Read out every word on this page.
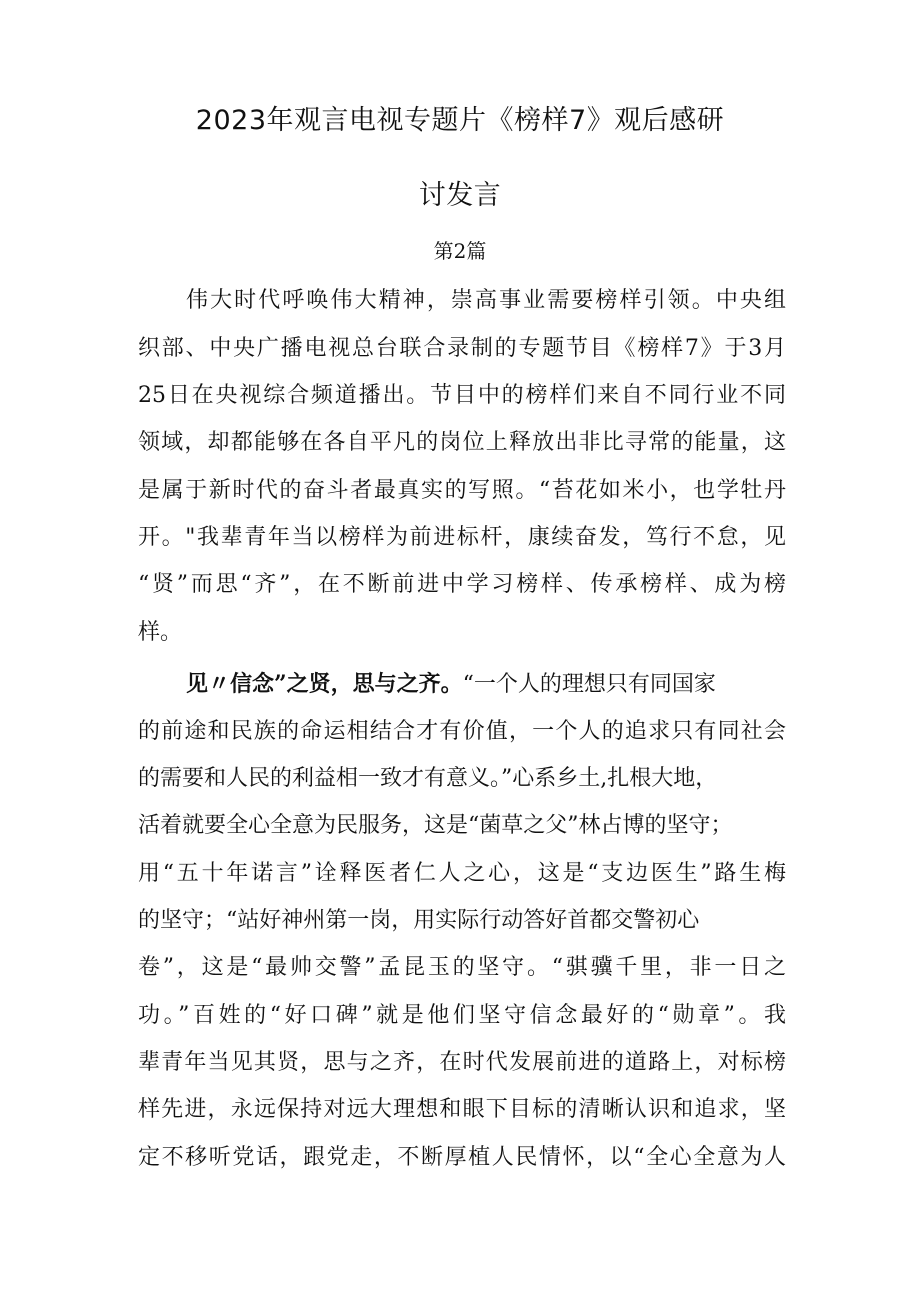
2023年观言电视专题片《榜样7》观后感研
讨发言
第2篇
伟大时代呼唤伟大精神，崇高事业需要榜样引领。中央组
织部、中央广播电视总台联合录制的专题节目《榜样7》于3月
25日在央视综合频道播出。节目中的榜样们来自不同行业不同
领域，却都能够在各自平凡的岗位上释放出非比寻常的能量，这
是属于新时代的奋斗者最真实的写照。“苔花如米小，也学牡丹
开。"我辈青年当以榜样为前进标杆，康续奋发，笃行不怠，见
“贤”而思“齐”，在不断前进中学习榜样、传承榜样、成为榜
样。
见〃信念”之贤，思与之齐。“一个人的理想只有同国家
的前途和民族的命运相结合才有价值，一个人的追求只有同社会
的需要和人民的利益相一致才有意义。”心系乡土,扎根大地，
活着就要全心全意为民服务，这是“菌草之父”林占博的坚守；
用“五十年诺言”诠释医者仁人之心，这是“支边医生”路生梅
的坚守；“站好神州第一岗，用实际行动答好首都交警初心
卷”，这是“最帅交警”孟昆玉的坚守。“骐骥千里，非一日之
功。”百姓的“好口碑”就是他们坚守信念最好的“勋章”。我
辈青年当见其贤，思与之齐，在时代发展前进的道路上，对标榜
样先进，永远保持对远大理想和眼下目标的清晰认识和追求，坚
定不移听党话，跟党走，不断厚植人民情怀，以“全心全意为人
